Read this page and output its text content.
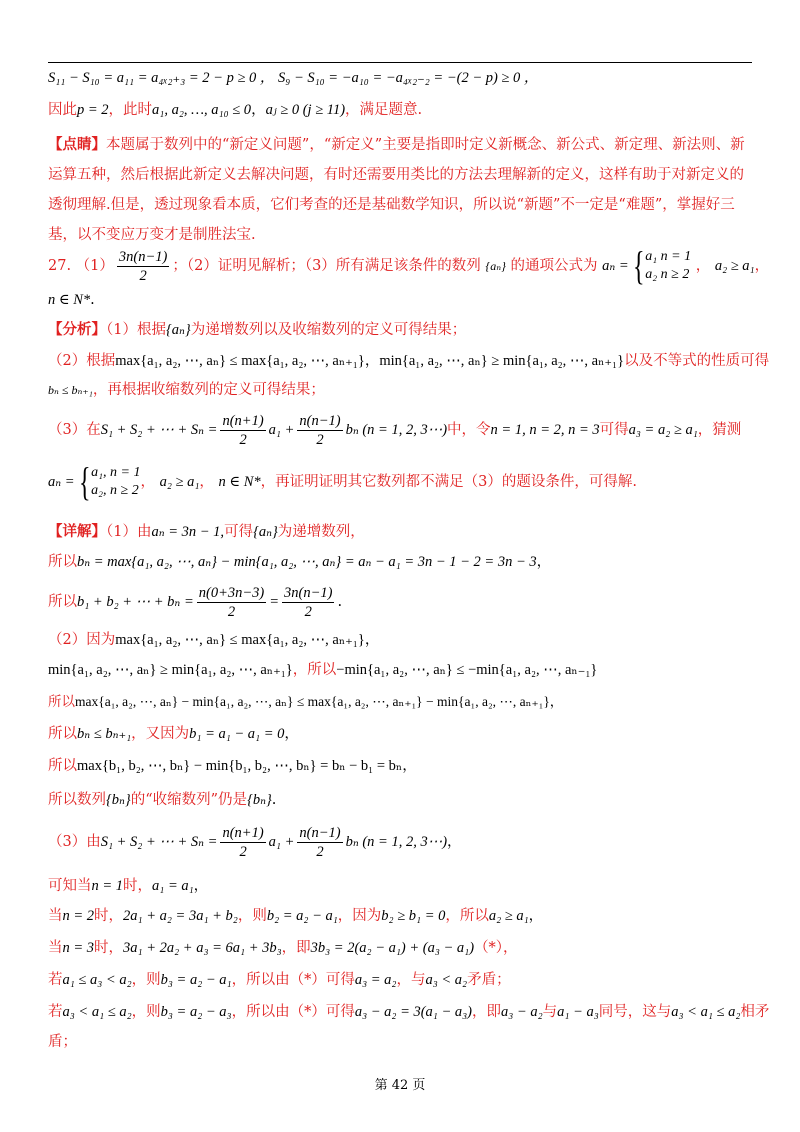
S₁₁ − S₁₀ = a₁₁ = a₄ₓ₂₊₃ = 2 − p ≥ 0 ， S₉ − S₁₀ = −a₁₀ = −a₄ₓ₂₋₂ = −(2 − p) ≥ 0 ，
因此p = 2，此时a₁, a₂, …, a₁₀ ≤ 0，aⱼ ≥ 0 (j ≥ 11)，满足题意.
【点睛】本题属于数列中的“新定义问题”，“新定义”主要是指即时定义新概念、新公式、新定理、新法则、新运算五种，然后根据此新定义去解决问题，有时还需要用类比的方法去理解新的定义，这样有助于对新定义的透彻理解.但是，透过现象看本质，它们考查的还是基础数学知识，所以说“新题”不一定是“难题”，掌握好三基，以不变应万变才是制胜法宝.
27. $(1) \frac{3n(n-1)}{2}$ ；（2）证明见解析；（3）所有满足该条件的数列 {aₙ} 的通项公式为 aₙ = { a₁ n = 1
a₂ n ≥ 2
， a₂ ≥ a₁，
n ∈ N*.
【分析】（1）根据{aₙ}为递增数列以及收缩数列的定义可得结果；
（2）根据max{a₁, a₂, ⋯, aₙ} ≤ max{a₁, a₂, ⋯, aₙ₊₁}，min{a₁, a₂, ⋯, aₙ} ≥ min{a₁, a₂, ⋯, aₙ₊₁}以及不等式的性质可得
bₙ ≤ bₙ₊₁，再根据收缩数列的定义可得结果；
（3）在S₁ + S₂ + ⋯ + $S_n = \frac{n(n+1)}{2} a_1 + \frac{n(n-1)}{2}$ bₙ (n = 1, 2, 3⋯)中，令n = 1, n = 2, n = 3可得a₃ = a₂ ≥ a₁，猜测
aₙ = { a₁, n = 1
a₂, n ≥ 2
， a₂ ≥ a₁， n ∈ N*，再证明证明其它数列都不满足（3）的题设条件，可得解.
【详解】（1）由aₙ = 3n − 1,可得{aₙ}为递增数列，
所以bₙ = max{a₁, a₂, ⋯, aₙ} − min{a₁, a₂, ⋯, aₙ} = aₙ − a₁ = 3n − 1 − 2 = 3n − 3，
所以b₁ + b₂ + ⋯ + $b_n = \frac{n(0+3n-3)}{2} = \frac{3n(n-1)}{2}$ .
（2）因为max{a₁, a₂, ⋯, aₙ} ≤ max{a₁, a₂, ⋯, aₙ₊₁}，
min{a₁, a₂, ⋯, aₙ} ≥ min{a₁, a₂, ⋯, aₙ₊₁}，所以−min{a₁, a₂, ⋯, aₙ} ≤ −min{a₁, a₂, ⋯, aₙ₋₁}
所以max{a₁, a₂, ⋯, aₙ} − min{a₁, a₂, ⋯, aₙ} ≤ max{a₁, a₂, ⋯, aₙ₊₁} − min{a₁, a₂, ⋯, aₙ₊₁}，
所以bₙ ≤ bₙ₊₁，又因为b₁ = a₁ − a₁ = 0，
所以max{b₁, b₂, ⋯, bₙ} − min{b₁, b₂, ⋯, bₙ} = bₙ − b₁ = bₙ，
所以数列{bₙ}的“收缩数列”仍是{bₙ}.
（3）由S₁ + S₂ + ⋯ + $S_n = \frac{n(n+1)}{2} a_1 + \frac{n(n-1)}{2}$ bₙ (n = 1, 2, 3⋯)，
可知当n = 1时，a₁ = a₁，
当n = 2时，2a₁ + a₂ = 3a₁ + b₂，则b₂ = a₂ − a₁，因为b₂ ≥ b₁ = 0，所以a₂ ≥ a₁，
当n = 3时，3a₁ + 2a₂ + a₃ = 6a₁ + 3b₃，即3b₃ = 2(a₂ − a₁) + (a₃ − a₁)（*），
若a₁ ≤ a₃ < a₂，则b₃ = a₂ − a₁，所以由（*）可得a₃ = a₂，与a₃ < a₂矛盾；
若a₃ < a₁ ≤ a₂，则b₃ = a₂ − a₃，所以由（*）可得a₃ − a₂ = 3(a₁ − a₃)，即a₃ − a₂与a₁ − a₃同号，这与a₃ < a₁ ≤ a₂相矛
盾；
第 42 页
